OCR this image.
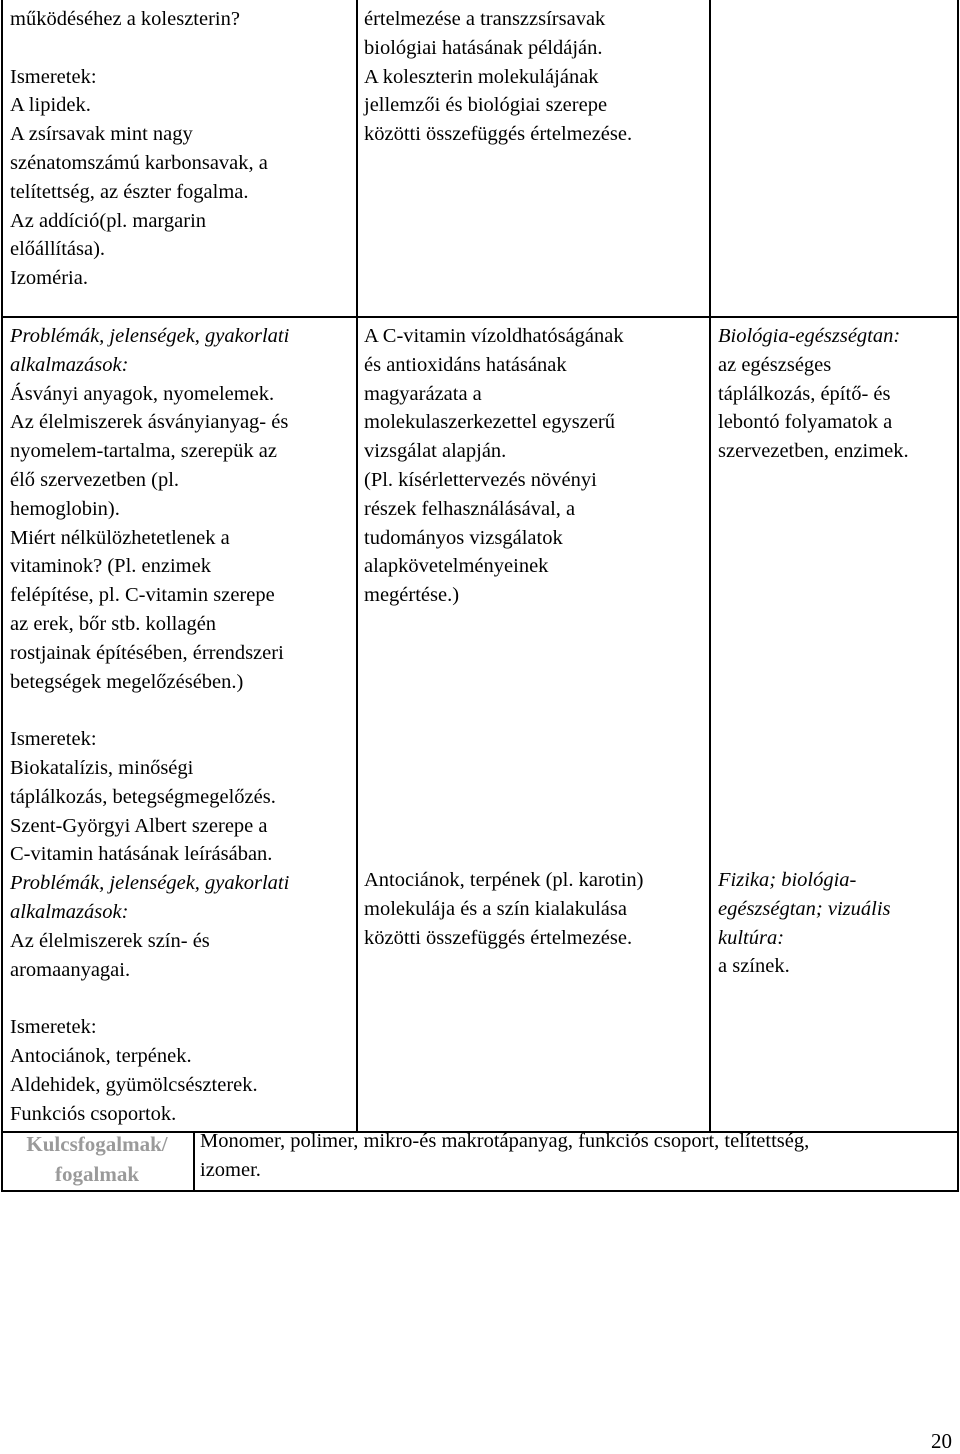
működéséhez a koleszterin?

Ismeretek:
A lipidek.
A zsírsavak mint nagy
szénatomszámú karbonsavak, a
telítettség, az észter fogalma.
Az addíció(pl. margarin
előállítása).
Izoméria.
értelmezése a transzzsírsavak
biológiai hatásának példáján.
A koleszterin molekulájának
jellemzői és biológiai szerepe
közötti összefüggés értelmezése.
Problémák, jelenségek, gyakorlati
alkalmazások:
Ásványi anyagok, nyomelemek.
Az élelmiszerek ásványianyag- és
nyomelem-tartalma, szerepük az
élő szervezetben (pl.
hemoglobin).
Miért nélkülözhetetlenek a
vitaminok? (Pl. enzimek
felépítése, pl. C-vitamin szerepe
az erek, bőr stb. kollagén
rostjainak építésében, érrendszeri
betegségek megelőzésében.)

Ismeretek:
Biokatalízis, minőségi
táplálkozás, betegségmegelőzés.
Szent-Györgyi Albert szerepe a
C-vitamin hatásának leírásában.
Problémák, jelenségek, gyakorlati
alkalmazások:
Az élelmiszerek szín- és
aromaanyagai.

Ismeretek:
Antociánok, terpének.
Aldehidek, gyümölcsészterek.
Funkciós csoportok.
A C-vitamin vízoldhatóságának
és antioxidáns hatásának
magyarázata a
molekulaszerkezettel egyszerű
vizsgálat alapján.
(Pl. kísérlettervezés növényi
részek felhasználásával, a
tudományos vizsgálatok
alapkövetelményeinek
megértése.)
Biológia-egészségtan:
az egészséges
táplálkozás, építő- és
lebontó folyamatok a
szervezetben, enzimek.
Antociánok, terpének (pl. karotin)
molekulája és a szín kialakulása
közötti összefüggés értelmezése.
Fizika; biológia-
egészségtan; vizuális
kultúra:
a színek.
Kulcsfogalmak/
fogalmak
Monomer, polimer, mikro-és makrotápanyag, funkciós csoport, telítettség,
izomer.
20
